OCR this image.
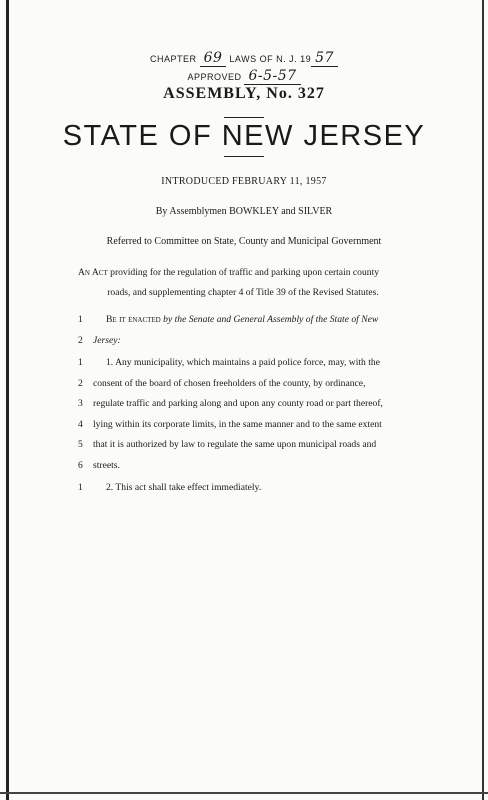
CHAPTER 69 LAWS OF N. J. 19 57
APPROVED 6-5-57
ASSEMBLY, No. 327
STATE OF NEW JERSEY
INTRODUCED FEBRUARY 11, 1957
By Assemblymen BOWKLEY and SILVER
Referred to Committee on State, County and Municipal Government
An Act providing for the regulation of traffic and parking upon certain county
roads, and supplementing chapter 4 of Title 39 of the Revised Statutes.
1	Be it enacted by the Senate and General Assembly of the State of New
2	Jersey:
1	1. Any municipality, which maintains a paid police force, may, with the
2	consent of the board of chosen freeholders of the county, by ordinance,
3	regulate traffic and parking along and upon any county road or part thereof,
4	lying within its corporate limits, in the same manner and to the same extent
5	that it is authorized by law to regulate the same upon municipal roads and
6	streets.
1	2. This act shall take effect immediately.
